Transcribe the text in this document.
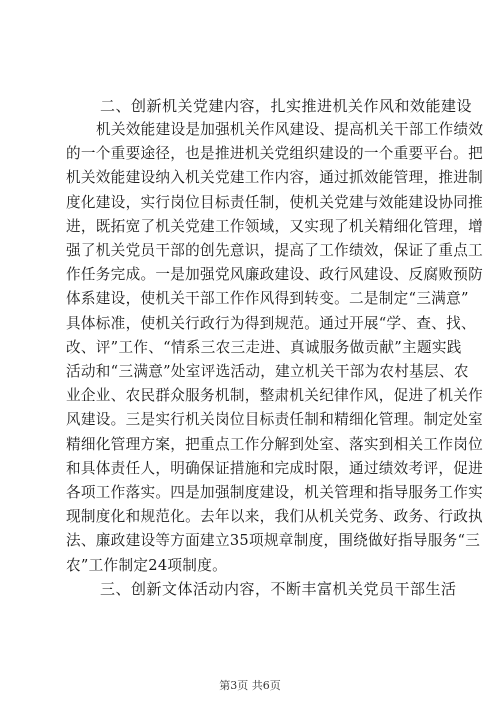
二、创新机关党建内容，扎实推进机关作风和效能建设
机关效能建设是加强机关作风建设、提高机关干部工作绩效
的一个重要途径，也是推进机关党组织建设的一个重要平台。把
机关效能建设纳入机关党建工作内容，通过抓效能管理，推进制
度化建设，实行岗位目标责任制，使机关党建与效能建设协同推
进，既拓宽了机关党建工作领域，又实现了机关精细化管理，增
强了机关党员干部的创先意识，提高了工作绩效，保证了重点工
作任务完成。一是加强党风廉政建设、政行风建设、反腐败预防
体系建设，使机关干部工作作风得到转变。二是制定“三满意”
具体标准，使机关行政行为得到规范。通过开展“学、查、找、
改、评”工作、“情系三农三走进、真诚服务做贡献”主题实践
活动和“三满意”处室评选活动，建立机关干部为农村基层、农
业企业、农民群众服务机制，整肃机关纪律作风，促进了机关作
风建设。三是实行机关岗位目标责任制和精细化管理。制定处室
精细化管理方案，把重点工作分解到处室、落实到相关工作岗位
和具体责任人，明确保证措施和完成时限，通过绩效考评，促进
各项工作落实。四是加强制度建设，机关管理和指导服务工作实
现制度化和规范化。去年以来，我们从机关党务、政务、行政执
法、廉政建设等方面建立35项规章制度，围绕做好指导服务“三
农”工作制定24项制度。
三、创新文体活动内容，不断丰富机关党员干部生活
第3页 共6页
